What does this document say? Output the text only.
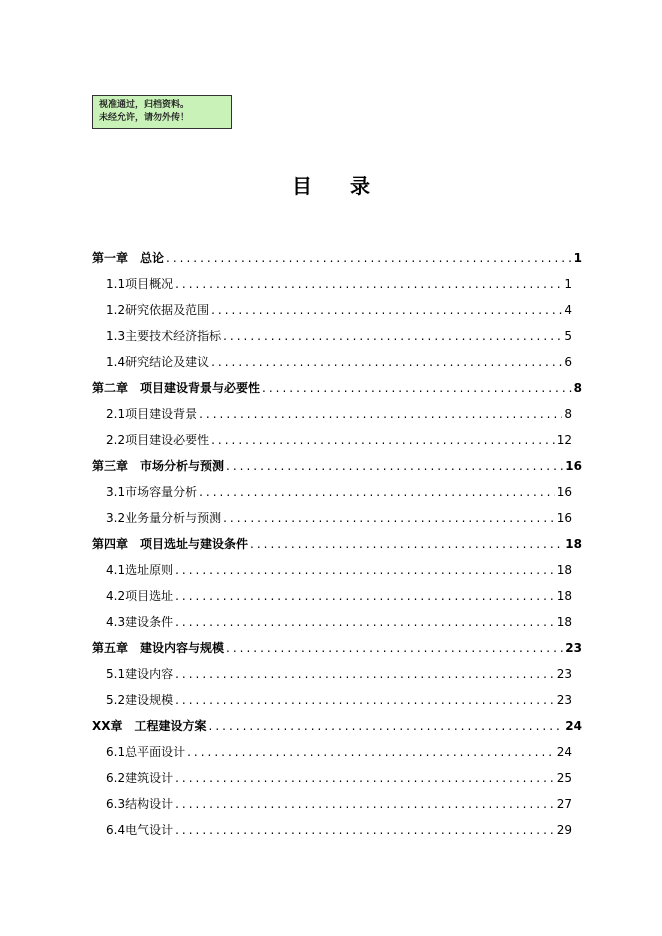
视准通过，归档资料。
未经允许，请勿外传！
目录
第一章　总论 .....	1
1.1项目概况 .....	1
1.2研究依据及范围 .....	4
1.3主要技术经济指标 .....	5
1.4研究结论及建议 .....	6
第二章　项目建设背景与必要性 .....	8
2.1项目建设背景 .....	8
2.2项目建设必要性 .....	12
第三章　市场分析与预测 .....	16
3.1市场容量分析 .....	16
3.2业务量分析与预测 .....	16
第四章　项目选址与建设条件 .....	18
4.1选址原则 .....	18
4.2项目选址 .....	18
4.3建设条件 .....	18
第五章　建设内容与规模 .....	23
5.1建设内容 .....	23
5.2建设规模 .....	23
XX章　工程建设方案 .....	24
6.1总平面设计 .....	24
6.2建筑设计 .....	25
6.3结构设计 .....	27
6.4电气设计 .....	29
